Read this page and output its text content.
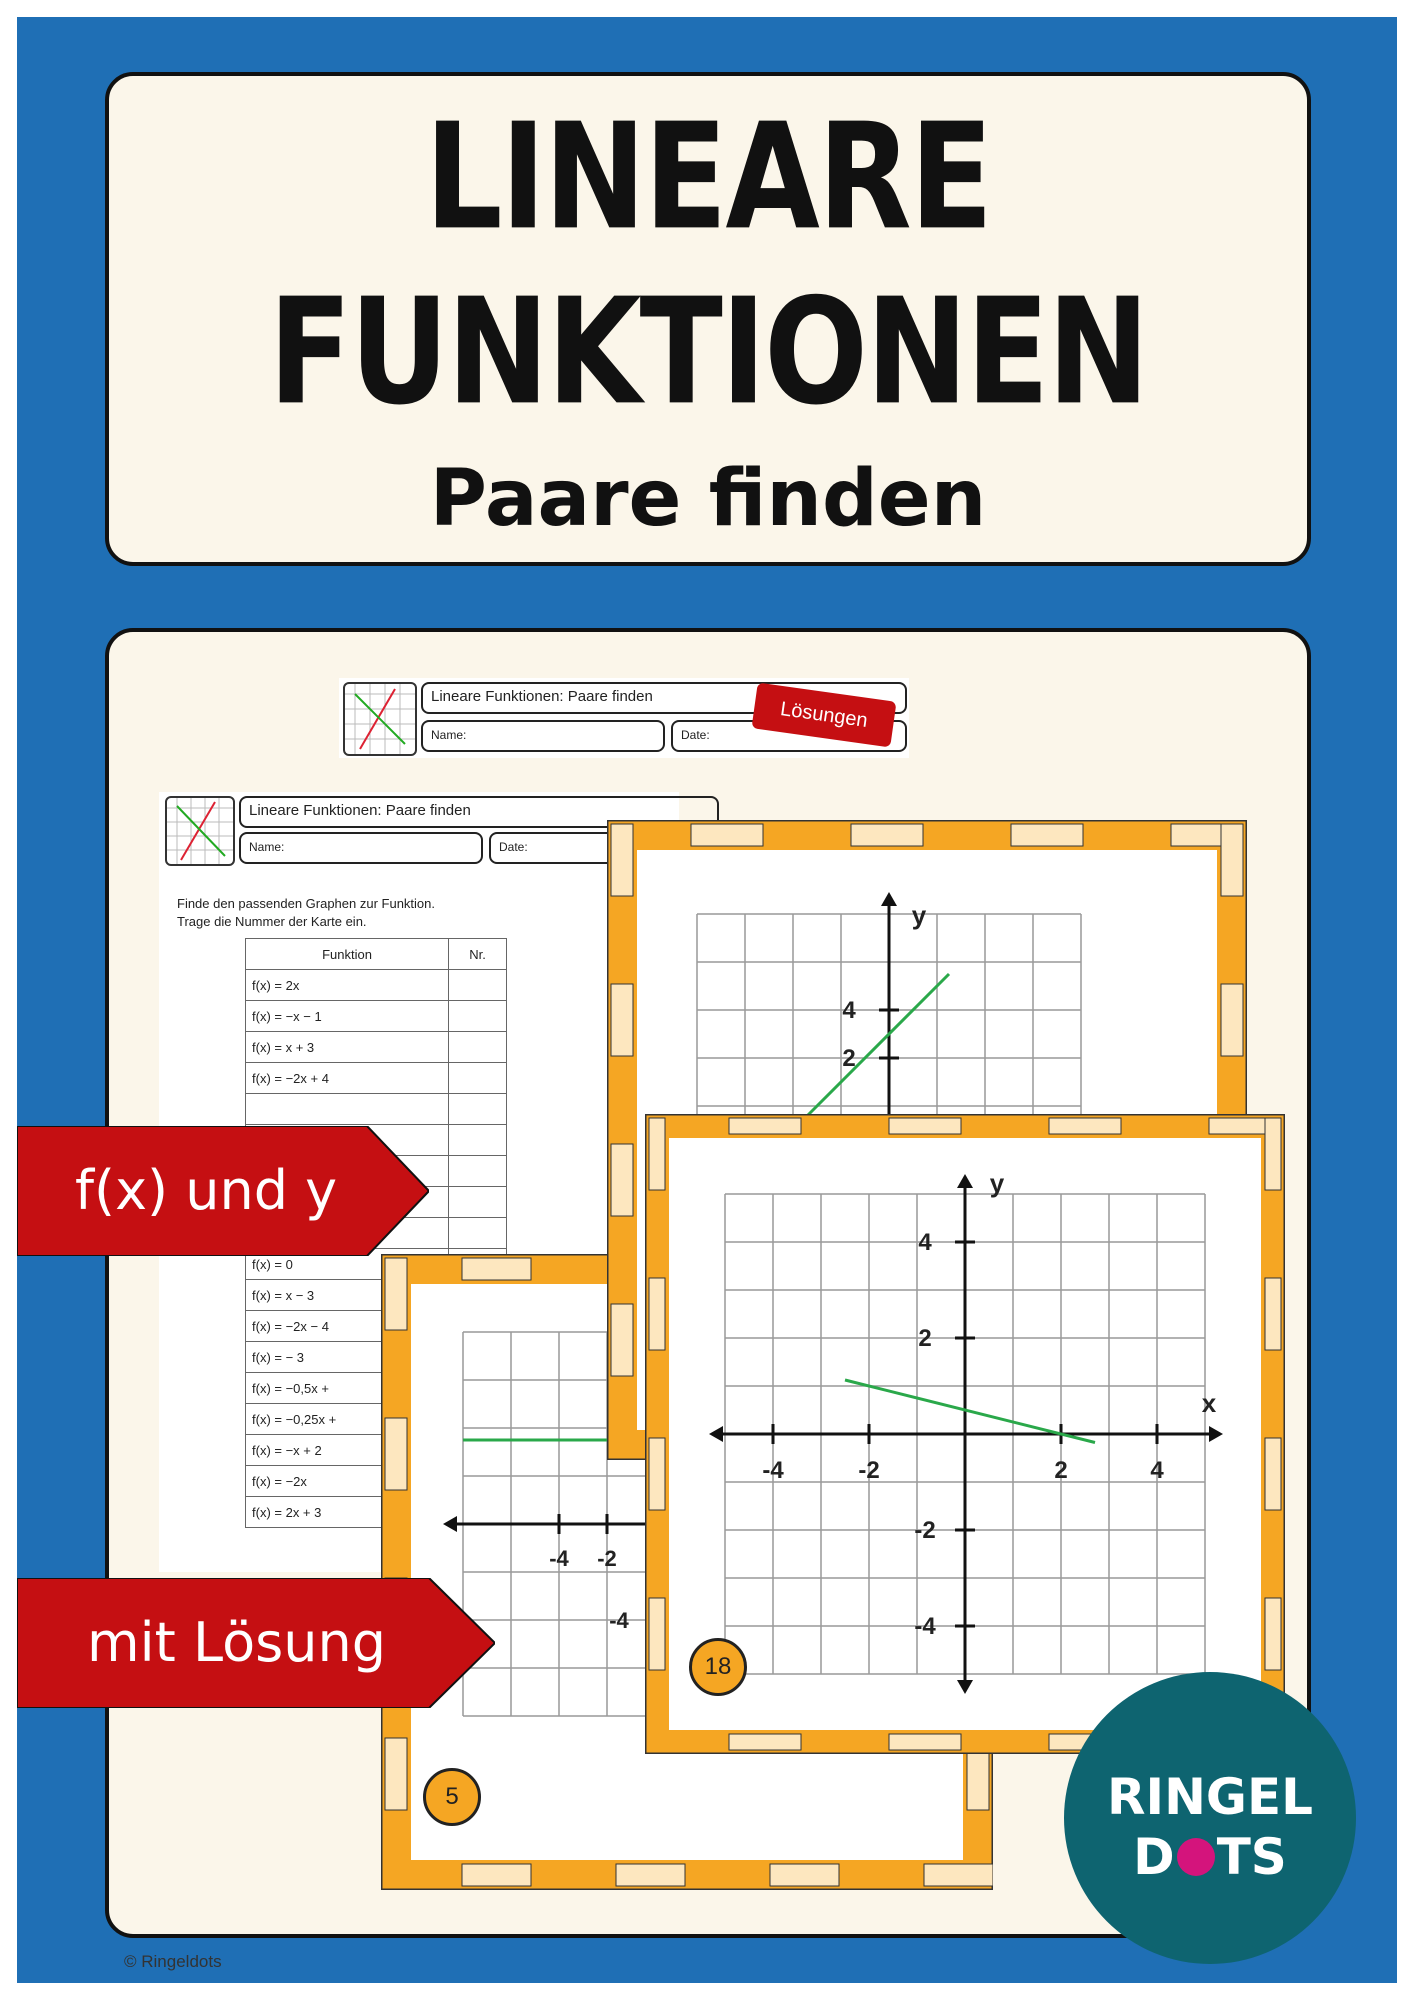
LINEARE
FUNKTIONEN
Paare finden
Lineare Funktionen: Paare finden
Name:	Date:
Lösungen
Lineare Funktionen: Paare finden
Name:	Date:
Finde den passenden Graphen zur Funktion.
Trage die Nummer der Karte ein.
Funktion	Nr.
f(x) = 2x	
f(x) = −x − 1	
f(x) = x + 3	
f(x) = −2x + 4	

f(x) = 0	
f(x) = x − 3	
f(x) = −2x − 4	
f(x) = − 3	
f(x) = −0,5x +	
f(x) = −0,25x +	
f(x) = −x + 2	
f(x) = −2x	
f(x) = 2x + 3	
-4 -2
-4
5
4
2
y
-4	-2	2	4
4
2
-2
-4
y
x
18
f(x) und y
mit Lösung
RINGEL
D TS
© Ringeldots
